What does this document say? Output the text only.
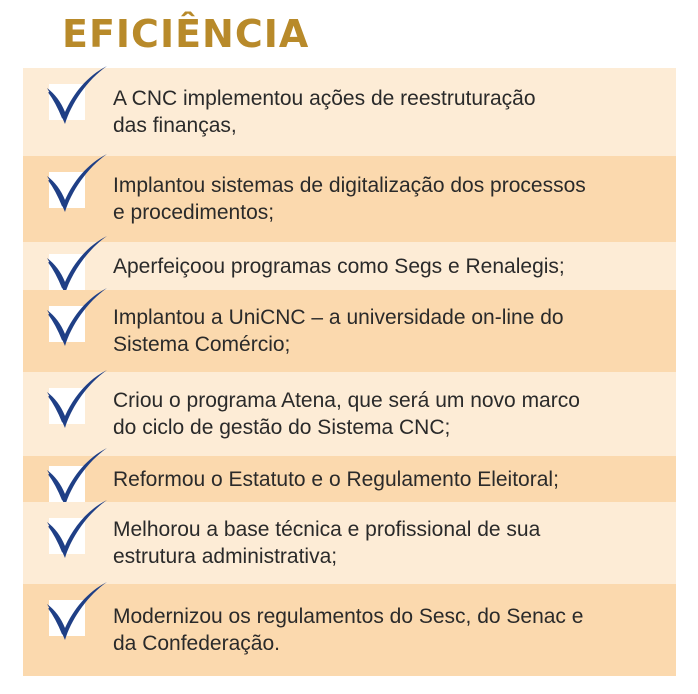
EFICIÊNCIA
A CNC implementou ações de reestruturação
das finanças,
Implantou sistemas de digitalização dos processos
e procedimentos;
Aperfeiçoou programas como Segs e Renalegis;
Implantou a UniCNC – a universidade on-line do
Sistema Comércio;
Criou o programa Atena, que será um novo marco
do ciclo de gestão do Sistema CNC;
Reformou o Estatuto e o Regulamento Eleitoral;
Melhorou a base técnica e profissional de sua
estrutura administrativa;
Modernizou os regulamentos do Sesc, do Senac e
da Confederação.
